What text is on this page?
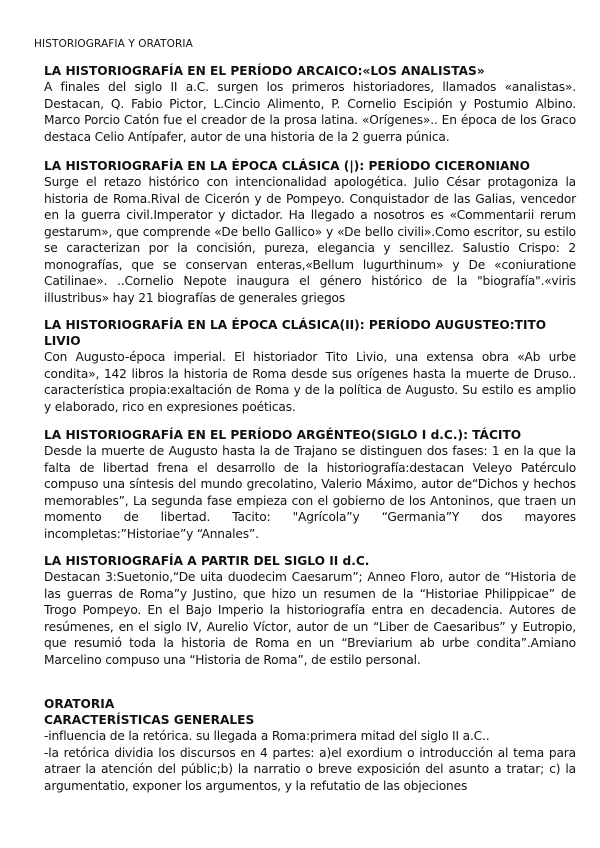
HISTORIOGRAFIA Y ORATORIA
LA HISTORIOGRAFÍA EN EL PERÍODO ARCAICO:«LOS ANALISTAS»
A finales del siglo II a.C. surgen los primeros historiadores, llamados «analistas». Destacan, Q. Fabio Pictor, L.Cincio Alimento, P. Cornelio Escipión y Postumio Albino. Marco Porcio Catón fue el creador de la prosa latina. «Orígenes».. En época de los Graco destaca Celio Antípafer, autor de una historia de la 2 guerra púnica.
LA HISTORIOGRAFÍA EN LA ÉPOCA CLÁSICA (|): PERÍODO CICERONIANO
Surge el retazo histórico con intencionalidad apologética. Julio César protagoniza la historia de Roma.Rival de Cicerón y de Pompeyo. Conquistador de las Galias, vencedor en la guerra civil.Imperator y dictador. Ha llegado a nosotros es «Commentarii rerum gestarum», que comprende «De bello Gallico» y «De bello civili».Como escritor, su estilo se caracterizan por la concisión, pureza, elegancia y sencillez. Salustio Crispo: 2 monografías, que se conservan enteras,«Bellum lugurthinum» y De «coniuratione Catilinae». ..Cornelio Nepote inaugura el género histórico de la "biografía".«viris illustribus» hay 21 biografías de generales griegos
LA HISTORIOGRAFÍA EN LA ÉPOCA CLÁSICA(II): PERÍODO AUGUSTEO:TITO LIVIO
Con Augusto-época imperial. El historiador Tito Livio, una extensa obra «Ab urbe condita», 142 libros la historia de Roma desde sus orígenes hasta la muerte de Druso.. característica propia:exaltación de Roma y de la política de Augusto. Su estilo es amplio y elaborado, rico en expresiones poéticas.
LA HISTORIOGRAFÍA EN EL PERÍODO ARGÉNTEO(SIGLO I d.C.): TÁCITO
Desde la muerte de Augusto hasta la de Trajano se distinguen dos fases: 1 en la que la falta de libertad frena el desarrollo de la historiografía:destacan Veleyo Patérculo compuso una síntesis del mundo grecolatino, Valerio Máximo, autor de“Dichos y hechos memorables”, La segunda fase empieza con el gobierno de los Antoninos, que traen un momento de libertad. Tacito: "Agrícola”y “Germania”Y dos mayores incompletas:”Historiae”y “Annales”.
LA HISTORIOGRAFÍA A PARTIR DEL SIGLO II d.C.
Destacan 3:Suetonio,“De uita duodecim Caesarum”; Anneo Floro, autor de “Historia de las guerras de Roma”y Justino, que hizo un resumen de la “Historiae Philippicae” de Trogo Pompeyo. En el Bajo Imperio la historiografía entra en decadencia. Autores de resúmenes, en el siglo IV, Aurelio Víctor, autor de un “Liber de Caesaribus” y Eutropio, que resumió toda la historia de Roma en un “Breviarium ab urbe condita”.Amiano Marcelino compuso una “Historia de Roma”, de estilo personal.
ORATORIA
CARACTERÍSTICAS GENERALES
-influencia de la retórica. su llegada a Roma:primera mitad del siglo II a.C..
-la retórica dividia los discursos en 4 partes: a)el exordium o introducción al tema para atraer la atención del públic;b) la narratio o breve exposición del asunto a tratar; c) la argumentatio, exponer los argumentos, y la refutatio de las objeciones
